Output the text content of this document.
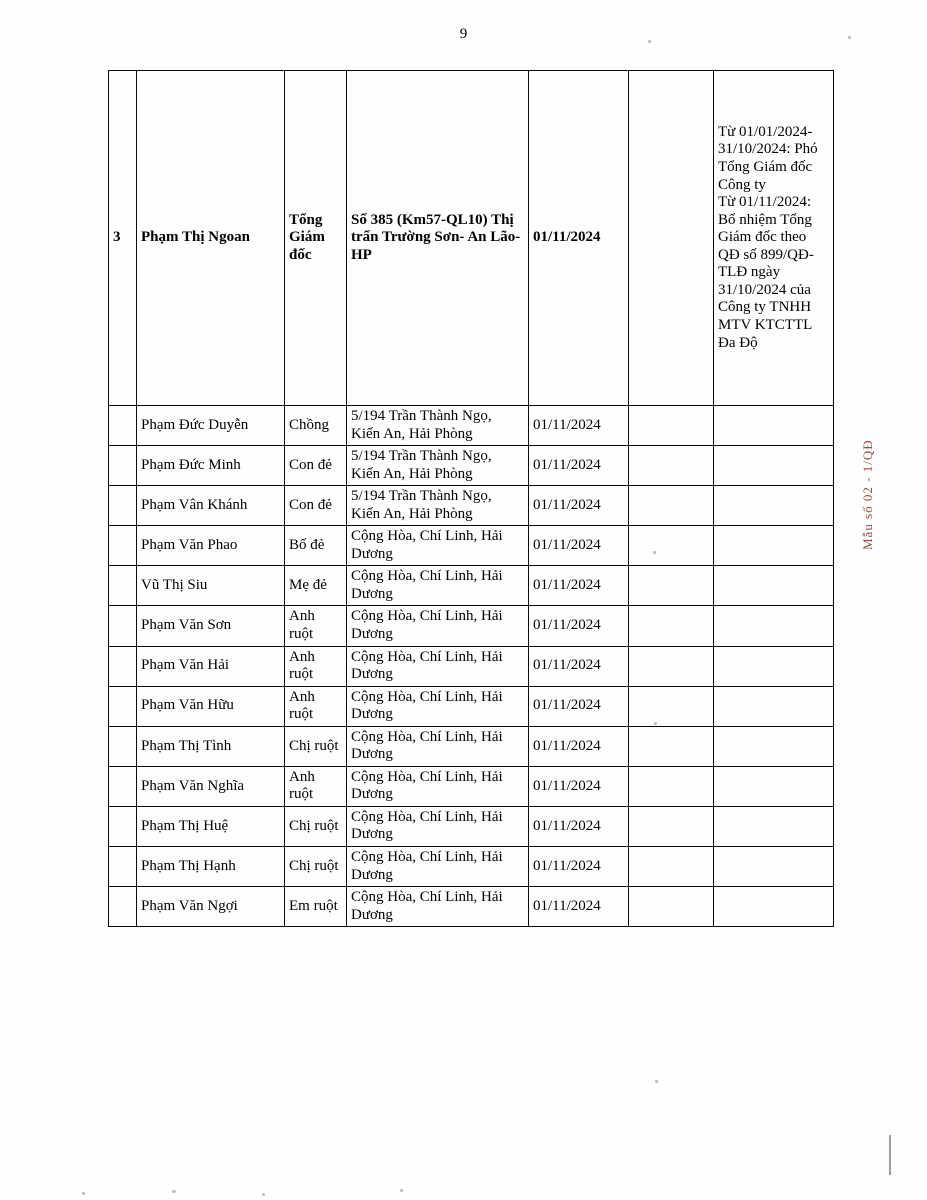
9
3	Phạm Thị Ngoan	Tổng Giám đốc	Số 385 (Km57-QL10) Thị trấn Trường Sơn- An Lão- HP	01/11/2024		Từ 01/01/2024-31/10/2024: Phó Tổng Giám đốc Công ty
Từ 01/11/2024: Bổ nhiệm Tổng Giám đốc theo QĐ số 899/QĐ-TLĐ ngày 31/10/2024 của Công ty TNHH MTV KTCTTL Đa Độ
	Phạm Đức Duyễn	Chồng	5/194 Trần Thành Ngọ, Kiến An, Hải Phòng	01/11/2024		
	Phạm Đức Minh	Con đẻ	5/194 Trần Thành Ngọ, Kiến An, Hải Phòng	01/11/2024		
	Phạm Vân Khánh	Con đẻ	5/194 Trần Thành Ngọ, Kiến An, Hải Phòng	01/11/2024		
	Phạm Văn Phao	Bố đẻ	Cộng Hòa, Chí Linh, Hải Dương	01/11/2024		
	Vũ Thị Siu	Mẹ đẻ	Cộng Hòa, Chí Linh, Hải Dương	01/11/2024		
	Phạm Văn Sơn	Anh ruột	Cộng Hòa, Chí Linh, Hải Dương	01/11/2024		
	Phạm Văn Hải	Anh ruột	Cộng Hòa, Chí Linh, Hải Dương	01/11/2024		
	Phạm Văn Hữu	Anh ruột	Cộng Hòa, Chí Linh, Hải Dương	01/11/2024		
	Phạm Thị Tình	Chị ruột	Cộng Hòa, Chí Linh, Hải Dương	01/11/2024		
	Phạm Văn Nghĩa	Anh ruột	Cộng Hòa, Chí Linh, Hải Dương	01/11/2024		
	Phạm Thị Huệ	Chị ruột	Cộng Hòa, Chí Linh, Hải Dương	01/11/2024		
	Phạm Thị Hạnh	Chị ruột	Cộng Hòa, Chí Linh, Hải Dương	01/11/2024		
	Phạm Văn Ngợi	Em ruột	Cộng Hòa, Chí Linh, Hải Dương	01/11/2024		
Mẫu số 02 - 1/QĐ
